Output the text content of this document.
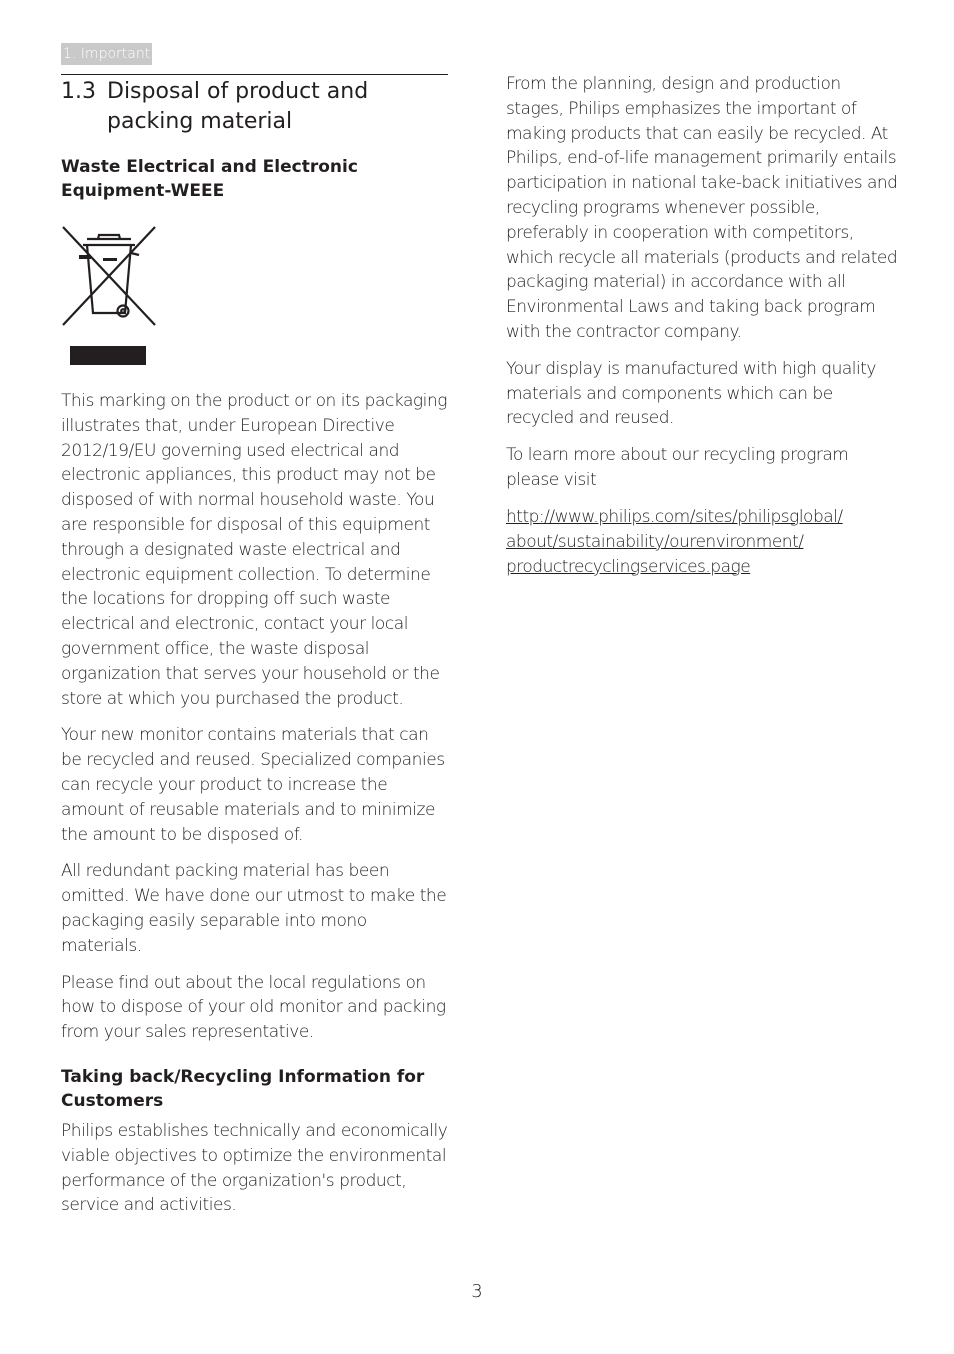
1. Important
1.3 Disposal of product and packing material
Waste Electrical and Electronic Equipment-WEEE

This marking on the product or on its packaging illustrates that, under European Directive 2012/19/EU governing used electrical and electronic appliances, this product may not be disposed of with normal household waste. You are responsible for disposal of this equipment through a designated waste electrical and electronic equipment collection. To determine the locations for dropping off such waste electrical and electronic, contact your local government office, the waste disposal organization that serves your household or the store at which you purchased the product.

Your new monitor contains materials that can be recycled and reused. Specialized companies can recycle your product to increase the amount of reusable materials and to minimize the amount to be disposed of.

All redundant packing material has been omitted. We have done our utmost to make the packaging easily separable into mono materials.

Please find out about the local regulations on how to dispose of your old monitor and packing from your sales representative.

Taking back/Recycling Information for Customers

Philips establishes technically and economically viable objectives to optimize the environmental performance of the organization's product, service and activities.

From the planning, design and production stages, Philips emphasizes the important of making products that can easily be recycled. At Philips, end-of-life management primarily entails participation in national take-back initiatives and recycling programs whenever possible, preferably in cooperation with competitors, which recycle all materials (products and related packaging material) in accordance with all Environmental Laws and taking back program with the contractor company.

Your display is manufactured with high quality materials and components which can be recycled and reused.

To learn more about our recycling program please visit

http://www.philips.com/sites/philipsglobal/
about/sustainability/ourenvironment/
productrecyclingservices.page
3
